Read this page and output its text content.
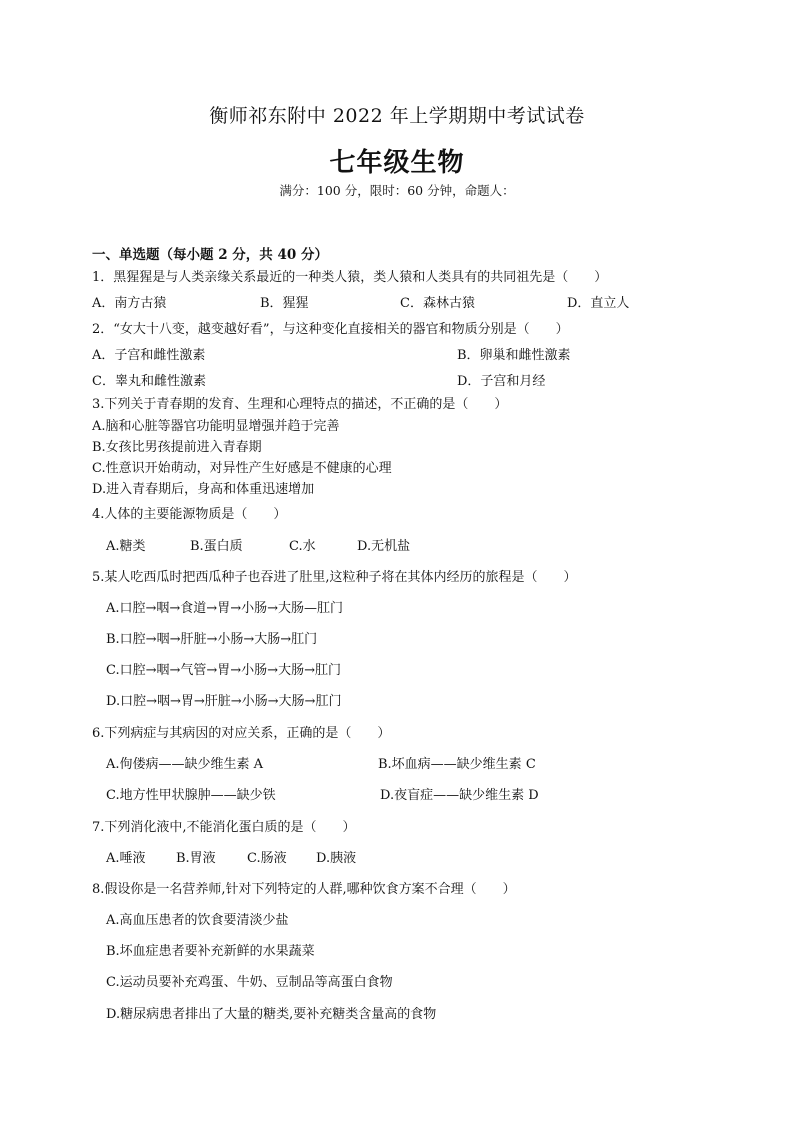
衡师祁东附中 2022 年上学期期中考试试卷
七年级生物
满分：100 分，限时：60 分钟，命题人：
一、单选题（每小题 2 分，共 40 分）
1．黑猩猩是与人类亲缘关系最近的一种类人猿，类人猿和人类具有的共同祖先是（　　）
A．南方古猿	B．猩猩	C．森林古猿	D．直立人
2．“女大十八变，越变越好看”，与这种变化直接相关的器官和物质分别是（　　）
A．子宫和雌性激素	B．卵巢和雌性激素
C．睾丸和雌性激素	D．子宫和月经
3.下列关于青春期的发育、生理和心理特点的描述，不正确的是（　　）
A.脑和心脏等器官功能明显增强并趋于完善
B.女孩比男孩提前进入青春期
C.性意识开始萌动，对异性产生好感是不健康的心理
D.进入青春期后，身高和体重迅速增加
4.人体的主要能源物质是（　　）
A.糖类	B.蛋白质	C.水	D.无机盐
5.某人吃西瓜时把西瓜种子也吞进了肚里,这粒种子将在其体内经历的旅程是（　　）
A.口腔→咽→食道→胃→小肠→大肠—肛门
B.口腔→咽→肝脏→小肠→大肠→肛门
C.口腔→咽→气管→胃→小肠→大肠→肛门
D.口腔→咽→胃→肝脏→小肠→大肠→肛门
6.下列病症与其病因的对应关系，正确的是（　　）
A.佝偻病——缺少维生素 A	B.坏血病——缺少维生素 C
C.地方性甲状腺肿——缺少铁	D.夜盲症——缺少维生素 D
7.下列消化液中,不能消化蛋白质的是（　　）
A.唾液 B.胃液 C.肠液 D.胰液
8.假设你是一名营养师,针对下列特定的人群,哪种饮食方案不合理（　　）
A.高血压患者的饮食要清淡少盐
B.坏血症患者要补充新鲜的水果蔬菜
C.运动员要补充鸡蛋、牛奶、豆制品等高蛋白食物
D.糖尿病患者排出了大量的糖类,要补充糖类含量高的食物
